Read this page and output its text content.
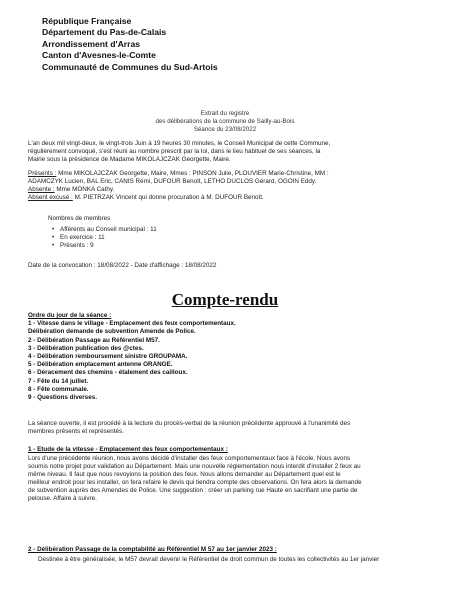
République Française
Département du Pas-de-Calais
Arrondissement d'Arras
Canton d'Avesnes-le-Comte
Communauté de Communes du Sud-Artois
Extrait du registre
des délibérations de la commune de Sailly-au-Bois
Séance du 23/08/2022
L'an deux mil vingt-deux, le vingt-trois Juin à 19 heures 30 minutes, le Conseil Municipal de cette Commune,
régulièrement convoqué, s'est réuni au nombre prescrit par la loi, dans le lieu habituel de ses séances, la
Mairie sous la présidence de Madame MIKOLAJCZAK Georgette, Maire.
Présents : Mme MIKOLAJCZAK Georgette, Maire, Mmes : PINSON Julie, PLOUVIER Marie-Christine, MM :
ADAMCZYK Lucien, BAL Eric, CANIS Rémi, DUFOUR Benoît, LETHO DUCLOS Gérard, OGOIN Eddy.
Absente : Mme MONKA Cathy.
Absent excusé : M. PIETRZAK Vincent qui donne procuration à M. DUFOUR Benoît.
Nombres de membres
• Afférents au Conseil municipal : 11
• En exercice : 11
• Présents : 9
Date de la convocation : 18/08/2022 - Date d'affichage : 18/08/2022
Compte-rendu
Ordre du jour de la séance :
1 - Vitesse dans le village - Emplacement des feux comportementaux.
Délibération demande de subvention Amende de Police.
2 - Délibération Passage au Référentiel M57.
3 - Délibération publication des @ctes.
4 - Délibération remboursement sinistre GROUPAMA.
5 - Délibération emplacement antenne ORANGE.
6 - Déracement des chemins - étalement des cailloux.
7 - Fête du 14 juillet.
8 - Fête communale.
9 - Questions diverses.
La séance ouverte, il est procédé à la lecture du procès-verbal de la réunion précédente approuvé à l'unanimité des
membres présents et représentés.
1 - Etude de la vitesse - Emplacement des feux comportementaux :
Lors d'une précédente réunion, nous avons décidé d'installer des feux comportementaux face à l'école. Nous avons
soumis notre projet pour validation au Département. Mais une nouvelle réglementation nous interdit d'installer 2 feux au
même niveau. Il faut que nous revoyions la position des feux. Nous allons demander au Département quel est le
meilleur endroit pour les installer, on fera refaire le devis qui tiendra compte des observations. On fera alors la demande
de subvention auprès des Amendes de Police. Une suggestion : créer un parking rue Haute en sacrifiant une partie de
pelouse. Affaire à suivre.
2 - Délibération Passage de la comptabilité au Référentiel M 57 au 1er janvier 2023 :
Destinée à être généralisée, le M57 devrait devenir le Référentiel de droit commun de toutes les collectivités au 1er janvier
